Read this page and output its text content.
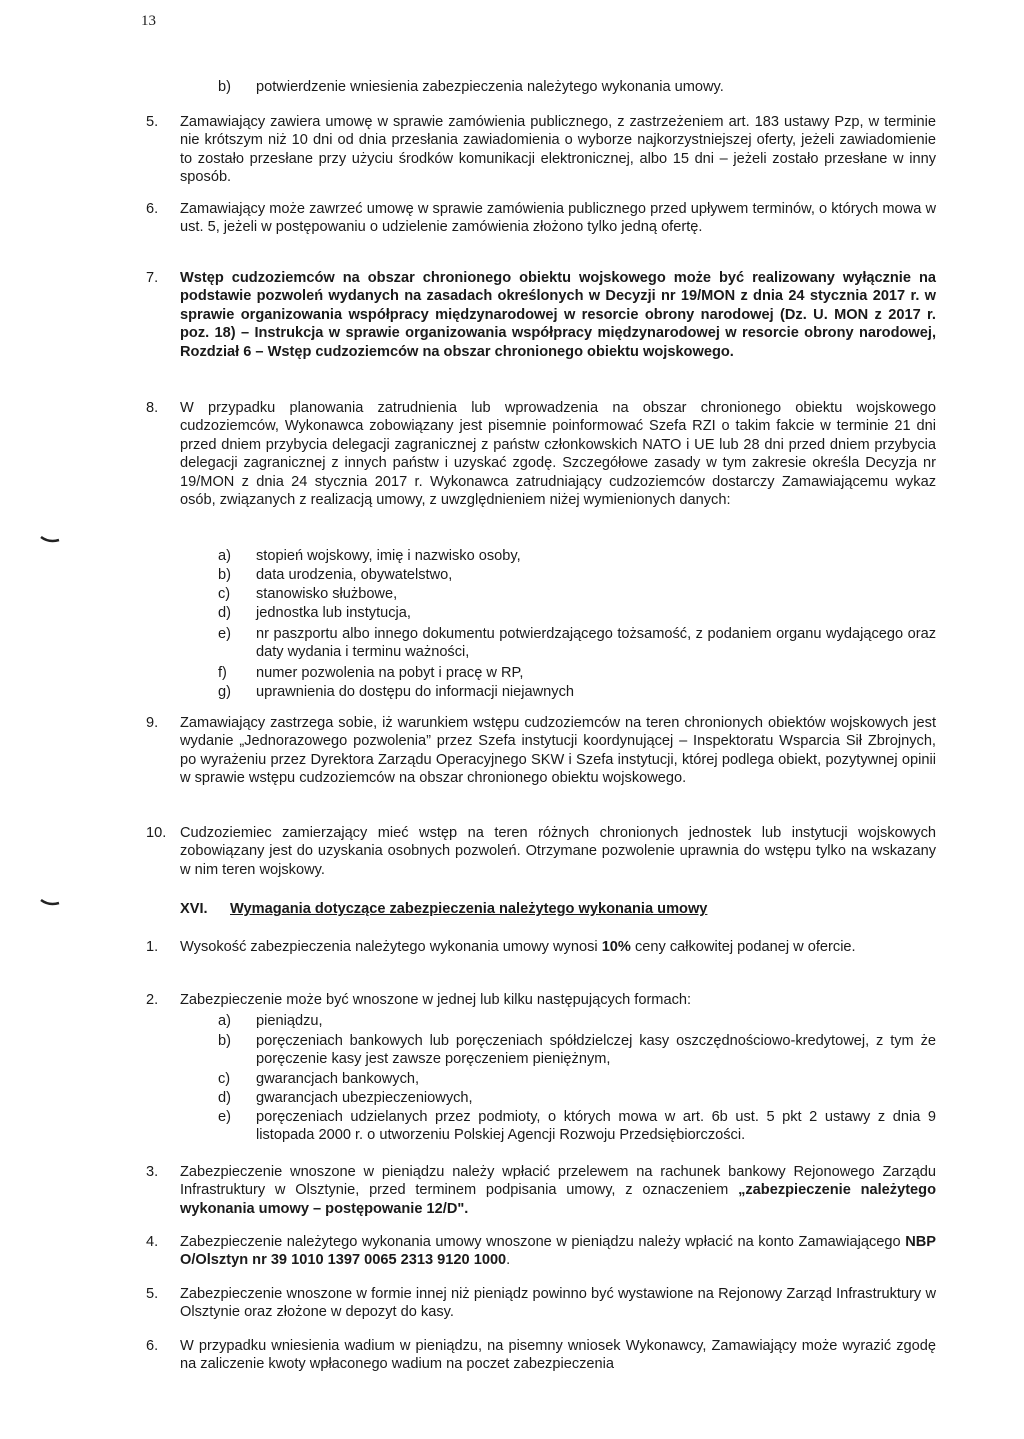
13
b) potwierdzenie wniesienia zabezpieczenia należytego wykonania umowy.
5. Zamawiający zawiera umowę w sprawie zamówienia publicznego, z zastrzeżeniem art. 183 ustawy Pzp, w terminie nie krótszym niż 10 dni od dnia przesłania zawiadomienia o wyborze najkorzystniejszej oferty, jeżeli zawiadomienie to zostało przesłane przy użyciu środków komunikacji elektronicznej, albo 15 dni – jeżeli zostało przesłane w inny sposób.
6. Zamawiający może zawrzeć umowę w sprawie zamówienia publicznego przed upływem terminów, o których mowa w ust. 5, jeżeli w postępowaniu o udzielenie zamówienia złożono tylko jedną ofertę.
7. Wstęp cudzoziemców na obszar chronionego obiektu wojskowego może być realizowany wyłącznie na podstawie pozwoleń wydanych na zasadach określonych w Decyzji nr 19/MON z dnia 24 stycznia 2017 r. w sprawie organizowania współpracy międzynarodowej w resorcie obrony narodowej (Dz. U. MON z 2017 r. poz. 18) – Instrukcja w sprawie organizowania współpracy międzynarodowej w resorcie obrony narodowej, Rozdział 6 – Wstęp cudzoziemców na obszar chronionego obiektu wojskowego.
8. W przypadku planowania zatrudnienia lub wprowadzenia na obszar chronionego obiektu wojskowego cudzoziemców, Wykonawca zobowiązany jest pisemnie poinformować Szefa RZI o takim fakcie w terminie 21 dni przed dniem przybycia delegacji zagranicznej z państw członkowskich NATO i UE lub 28 dni przed dniem przybycia delegacji zagranicznej z innych państw i uzyskać zgodę. Szczegółowe zasady w tym zakresie określa Decyzja nr 19/MON z dnia 24 stycznia 2017 r. Wykonawca zatrudniający cudzoziemców dostarczy Zamawiającemu wykaz osób, związanych z realizacją umowy, z uwzględnieniem niżej wymienionych danych:
a) stopień wojskowy, imię i nazwisko osoby,
b) data urodzenia, obywatelstwo,
c) stanowisko służbowe,
d) jednostka lub instytucja,
e) nr paszportu albo innego dokumentu potwierdzającego tożsamość, z podaniem organu wydającego oraz daty wydania i terminu ważności,
f) numer pozwolenia na pobyt i pracę w RP,
g) uprawnienia do dostępu do informacji niejawnych
9. Zamawiający zastrzega sobie, iż warunkiem wstępu cudzoziemców na teren chronionych obiektów wojskowych jest wydanie „Jednorazowego pozwolenia” przez Szefa instytucji koordynującej – Inspektoratu Wsparcia Sił Zbrojnych, po wyrażeniu przez Dyrektora Zarządu Operacyjnego SKW i Szefa instytucji, której podlega obiekt, pozytywnej opinii w sprawie wstępu cudzoziemców na obszar chronionego obiektu wojskowego.
10. Cudzoziemiec zamierzający mieć wstęp na teren różnych chronionych jednostek lub instytucji wojskowych zobowiązany jest do uzyskania osobnych pozwoleń. Otrzymane pozwolenie uprawnia do wstępu tylko na wskazany w nim teren wojskowy.
XVI. Wymagania dotyczące zabezpieczenia należytego wykonania umowy
1. Wysokość zabezpieczenia należytego wykonania umowy wynosi 10% ceny całkowitej podanej w ofercie.
2. Zabezpieczenie może być wnoszone w jednej lub kilku następujących formach:
a) pieniądzu,
b) poręczeniach bankowych lub poręczeniach spółdzielczej kasy oszczędnościowo-kredytowej, z tym że poręczenie kasy jest zawsze poręczeniem pieniężnym,
c) gwarancjach bankowych,
d) gwarancjach ubezpieczeniowych,
e) poręczeniach udzielanych przez podmioty, o których mowa w art. 6b ust. 5 pkt 2 ustawy z dnia 9 listopada 2000 r. o utworzeniu Polskiej Agencji Rozwoju Przedsiębiorczości.
3. Zabezpieczenie wnoszone w pieniądzu należy wpłacić przelewem na rachunek bankowy Rejonowego Zarządu Infrastruktury w Olsztynie, przed terminem podpisania umowy, z oznaczeniem „zabezpieczenie należytego wykonania umowy – postępowanie 12/D".
4. Zabezpieczenie należytego wykonania umowy wnoszone w pieniądzu należy wpłacić na konto Zamawiającego NBP O/Olsztyn nr 39 1010 1397 0065 2313 9120 1000.
5. Zabezpieczenie wnoszone w formie innej niż pieniądz powinno być wystawione na Rejonowy Zarząd Infrastruktury w Olsztynie oraz złożone w depozyt do kasy.
6. W przypadku wniesienia wadium w pieniądzu, na pisemny wniosek Wykonawcy, Zamawiający może wyrazić zgodę na zaliczenie kwoty wpłaconego wadium na poczet zabezpieczenia
